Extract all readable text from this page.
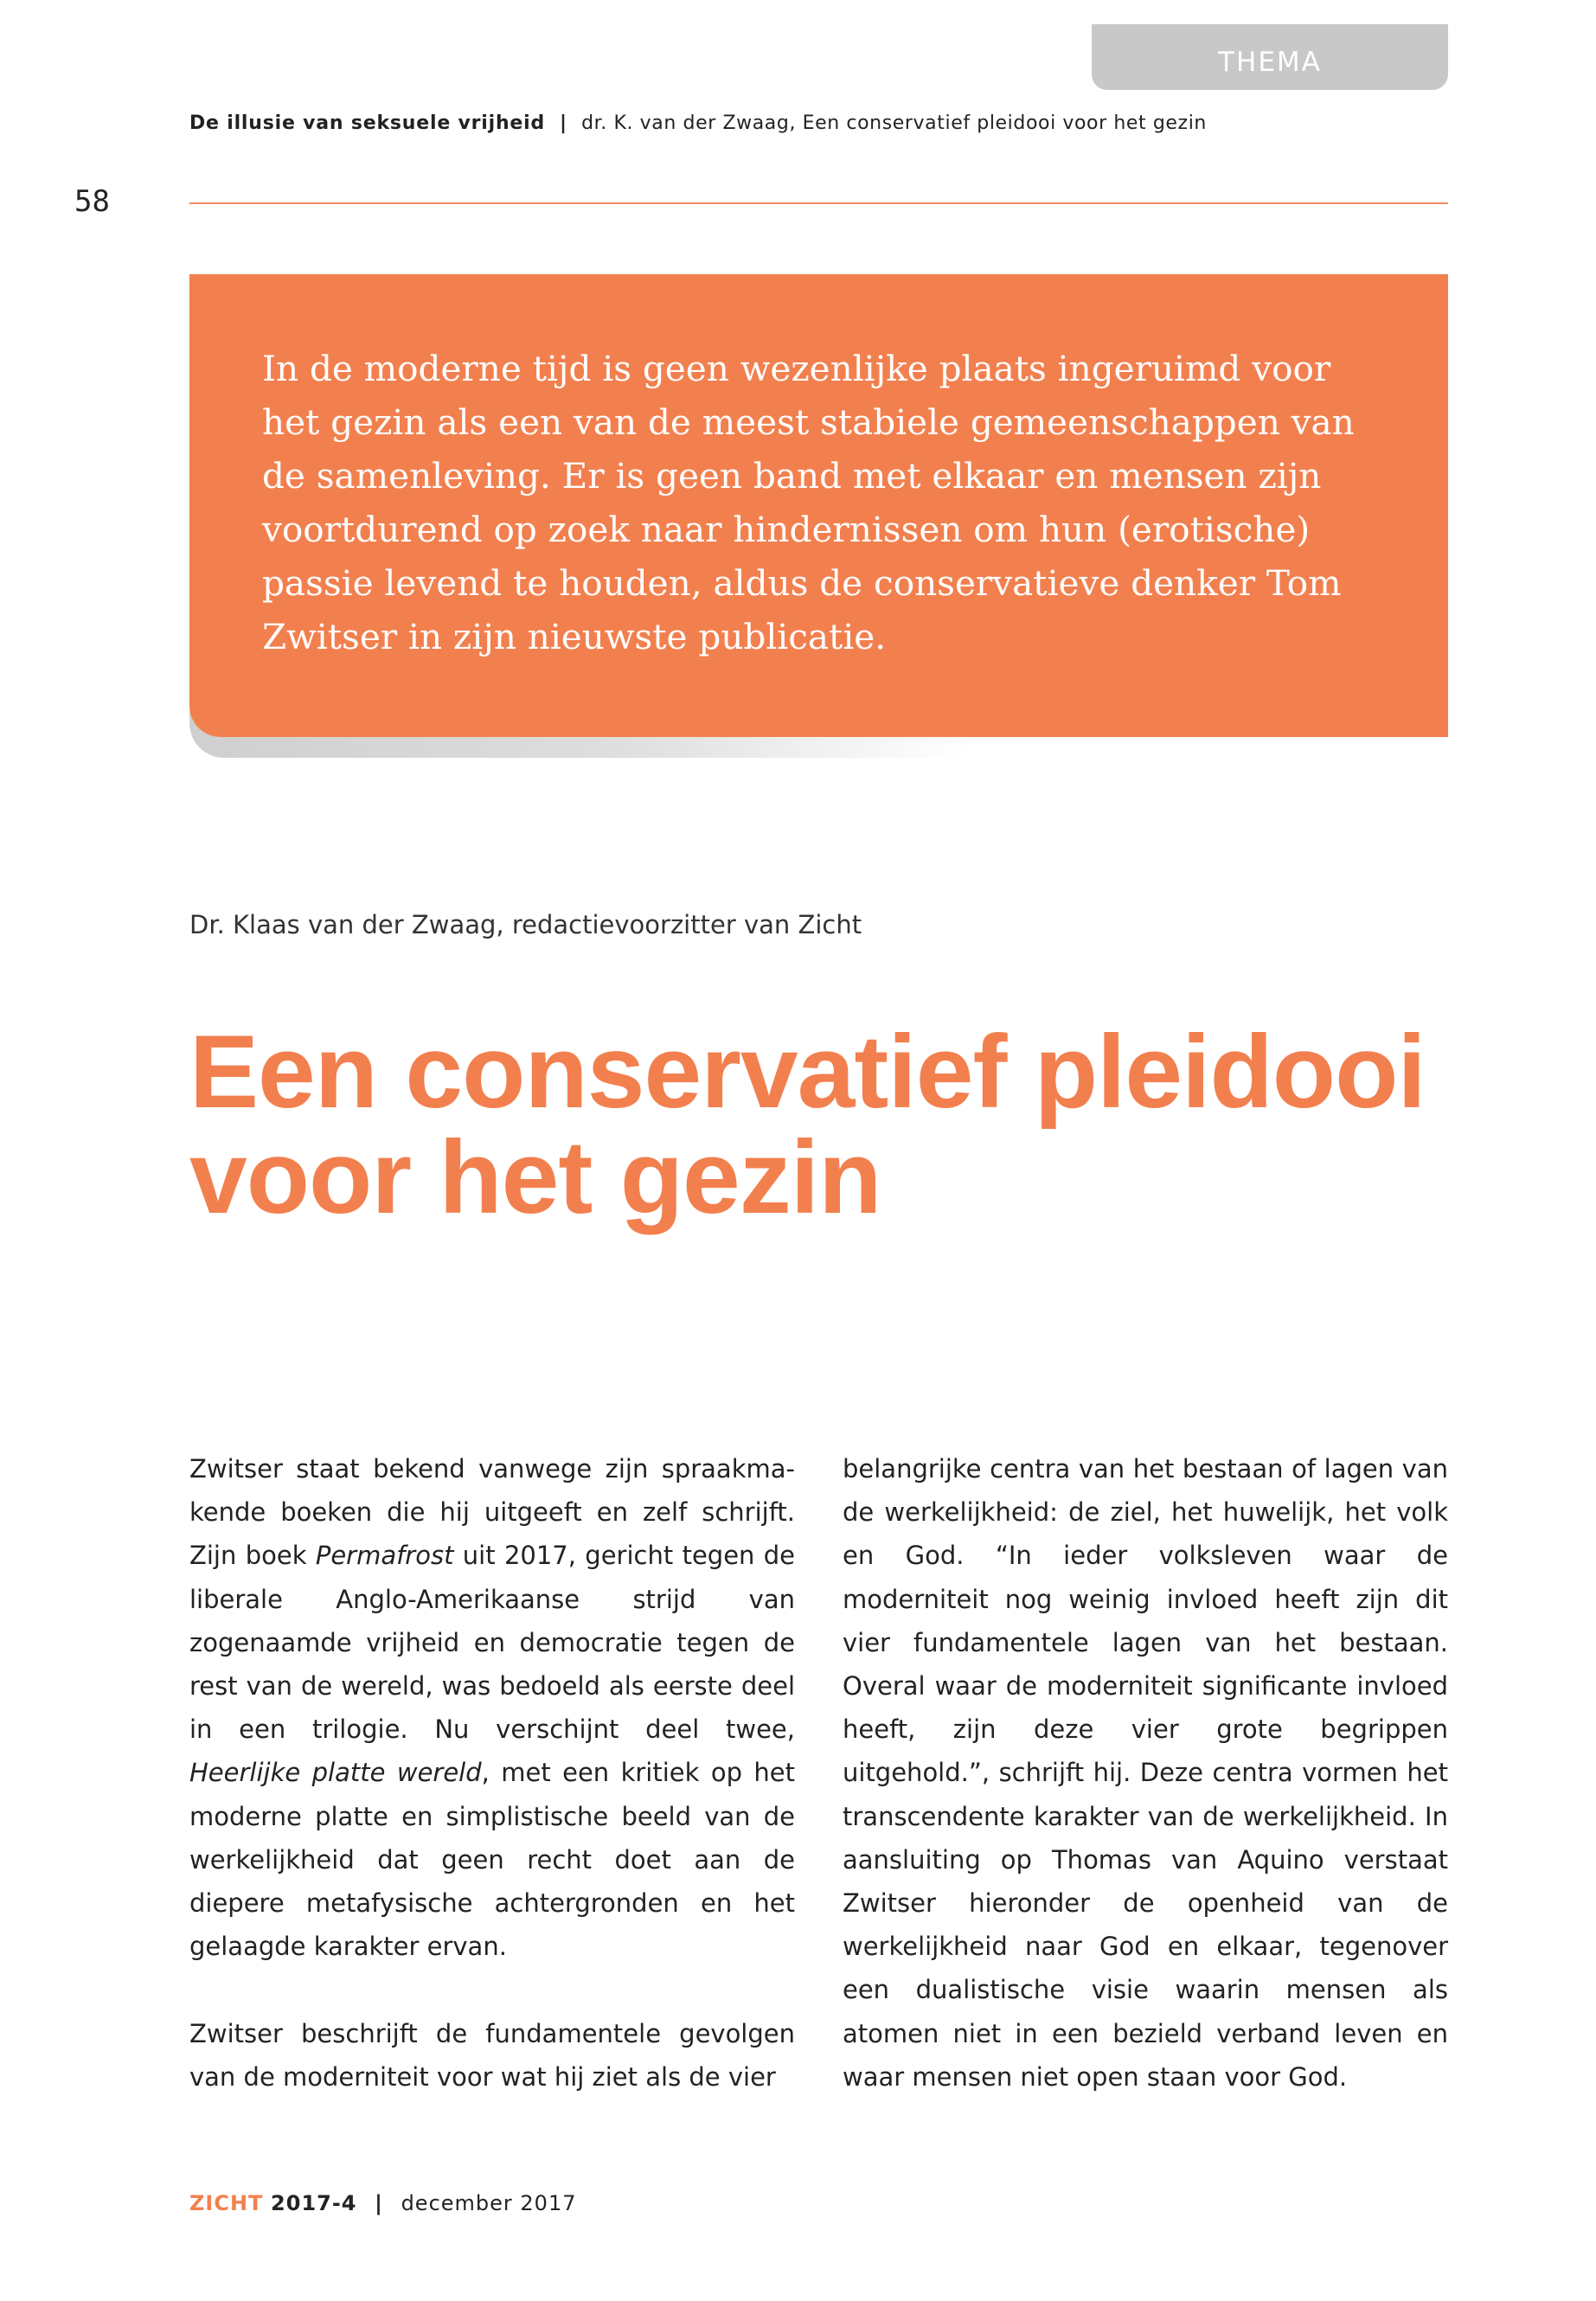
THEMA
De illusie van seksuele vrijheid | dr. K. van der Zwaag, Een conservatief pleidooi voor het gezin
58

In de moderne tijd is geen wezenlijke plaats ingeruimd voor het gezin als een van de meest stabiele gemeenschappen van de samenleving. Er is geen band met elkaar en mensen zijn voortdurend op zoek naar hindernissen om hun (erotische) passie levend te houden, aldus de conservatieve denker Tom Zwitser in zijn nieuwste publicatie.

Dr. Klaas van der Zwaag, redactievoorzitter van Zicht
Een conservatief pleidooi
voor het gezin

Zwitser staat bekend vanwege zijn spraakmakende boeken die hij uitgeeft en zelf schrijft. Zijn boek Permafrost uit 2017, gericht tegen de liberale Anglo-Amerikaanse strijd van zogenaamde vrijheid en democratie tegen de rest van de wereld, was bedoeld als eerste deel in een trilogie. Nu verschijnt deel twee, Heerlijke platte wereld, met een kritiek op het moderne platte en simplistische beeld van de werkelijkheid dat geen recht doet aan de diepere metafysische achtergronden en het gelaagde karakter ervan.

Zwitser beschrijft de fundamentele gevolgen van de moderniteit voor wat hij ziet als de vier

belangrijke centra van het bestaan of lagen van de werkelijkheid: de ziel, het huwelijk, het volk en God. “In ieder volksleven waar de moderniteit nog weinig invloed heeft zijn dit vier fundamentele lagen van het bestaan. Overal waar de moderniteit significante invloed heeft, zijn deze vier grote begrippen uitgehold.”, schrijft hij. Deze centra vormen het transcendente karakter van de werkelijkheid. In aansluiting op Thomas van Aquino verstaat Zwitser hieronder de openheid van de werkelijkheid naar God en elkaar, tegenover een dualistische visie waarin mensen als atomen niet in een bezield verband leven en waar mensen niet open staan voor God.

ZICHT 2017-4 | december 2017
